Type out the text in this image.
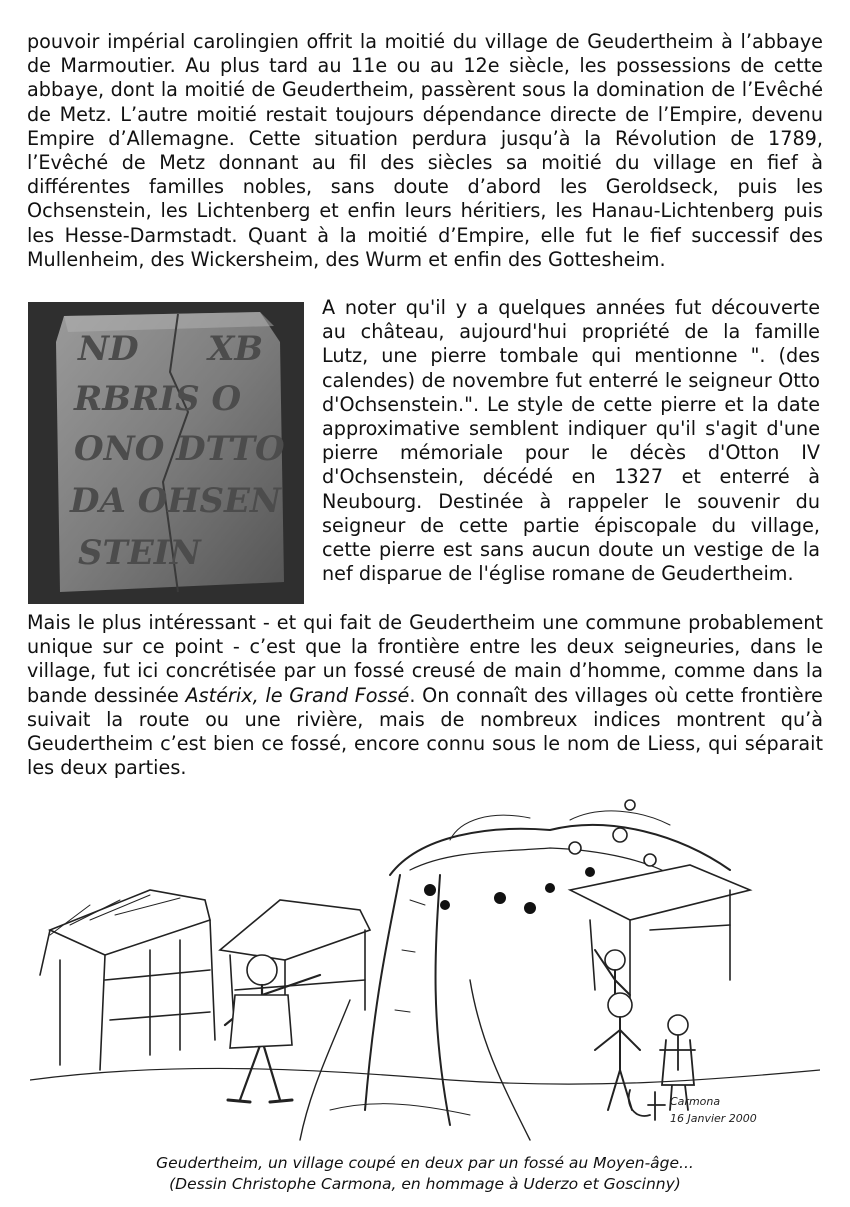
pouvoir impérial carolingien offrit la moitié du village de Geudertheim à l’abbaye de Marmoutier. Au plus tard au 11e ou au 12e siècle, les possessions de cette abbaye, dont la moitié de Geudertheim, passèrent sous la domination de l’Evêché de Metz. L’autre moitié restait toujours dépendance directe de l’Empire, devenu Empire d’Allemagne. Cette situation perdura jusqu’à la Révolution de 1789, l’Evêché de Metz donnant au fil des siècles sa moitié du village en fief à différentes familles nobles, sans doute d’abord les Geroldseck, puis les Ochsenstein, les Lichtenberg et enfin leurs héritiers, les Hanau-Lichtenberg puis les Hesse-Darmstadt. Quant à la moitié d’Empire, elle fut le fief successif des Mullenheim, des Wickersheim, des Wurm et enfin des Gottesheim.

ND XB
RBRIS O
ONO DTTO
DA OHSEN
STEIN

A noter qu'il y a quelques années fut découverte au château, aujourd'hui propriété de la famille Lutz, une pierre tombale qui mentionne ". (des calendes) de novembre fut enterré le seigneur Otto d'Ochsenstein.". Le style de cette pierre et la date approximative semblent indiquer qu'il s'agit d'une pierre mémoriale pour le décès d'Otton IV d'Ochsenstein, décédé en 1327 et enterré à Neubourg. Destinée à rappeler le souvenir du seigneur de cette partie épiscopale du village, cette pierre est sans aucun doute un vestige de la nef disparue de l'église romane de Geudertheim.

Mais le plus intéressant - et qui fait de Geudertheim une commune probablement unique sur ce point - c’est que la frontière entre les deux seigneuries, dans le village, fut ici concrétisée par un fossé creusé de main d’homme, comme dans la bande dessinée Astérix, le Grand Fossé. On connaît des villages où cette frontière suivait la route ou une rivière, mais de nombreux indices montrent qu’à Geudertheim c’est bien ce fossé, encore connu sous le nom de Liess, qui séparait les deux parties.

Carmona
16 Janvier 2000
Geudertheim, un village coupé en deux par un fossé au Moyen-âge...
(Dessin Christophe Carmona, en hommage à Uderzo et Goscinny)
